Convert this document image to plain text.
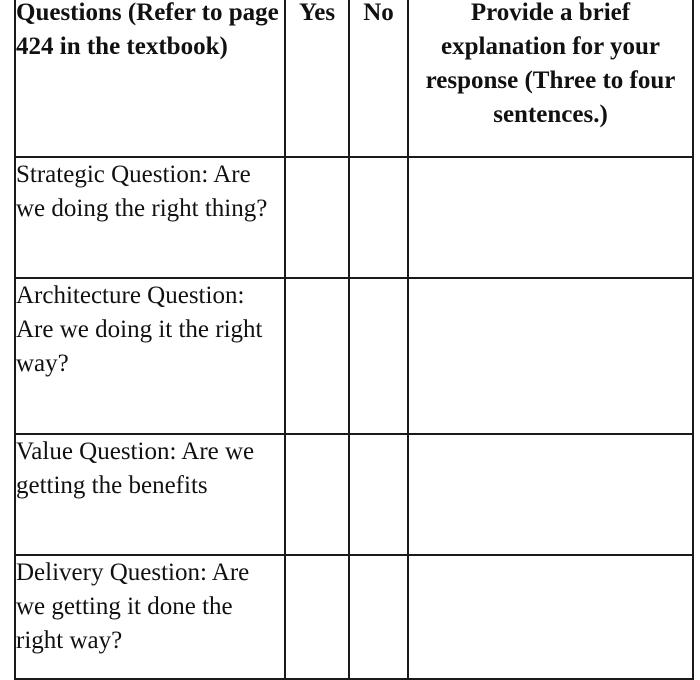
Questions (Refer to page 424 in the textbook)	Yes	No	Provide a brief explanation for your response (Three to four sentences.)
Strategic Question: Are we doing the right thing?			
Architecture Question: Are we doing it the right way?			
Value Question: Are we getting the benefits			
Delivery Question: Are we getting it done the right way?			
